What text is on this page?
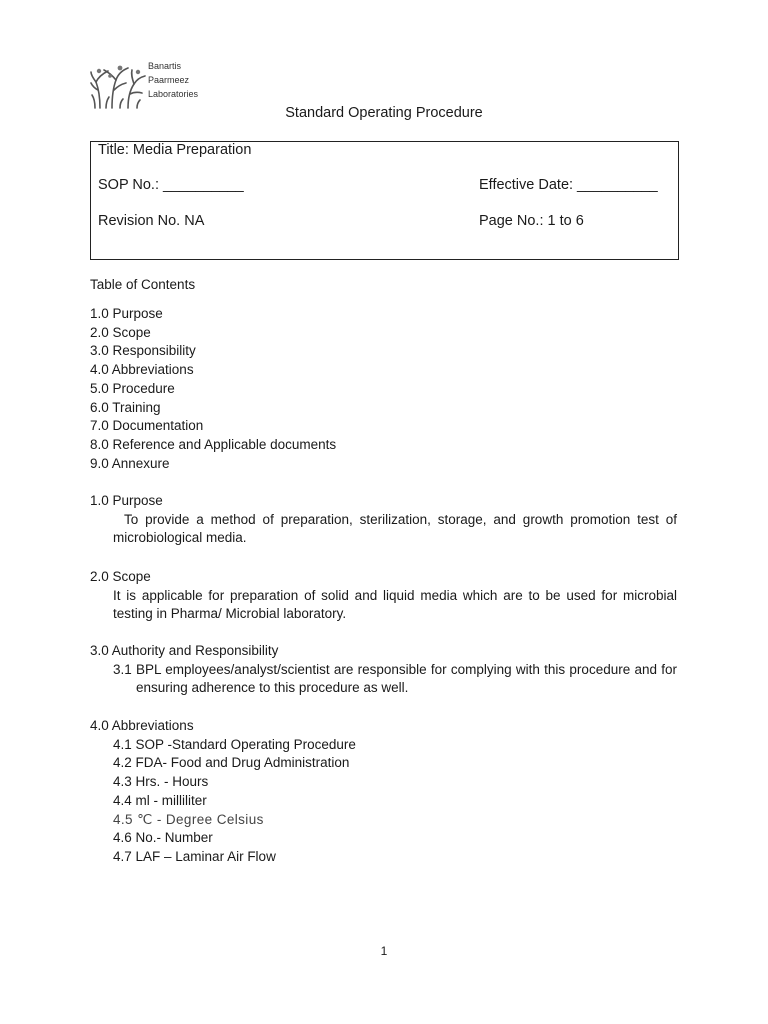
Banartis
Paarmeez
Laboratories
Standard Operating Procedure
Title: Media Preparation
SOP No.: __________	Effective Date: __________
Revision No. NA	Page No.: 1 to 6
Table of Contents
1.0 Purpose
2.0 Scope
3.0 Responsibility
4.0 Abbreviations
5.0 Procedure
6.0 Training
7.0 Documentation
8.0 Reference and Applicable documents
9.0 Annexure
1.0 Purpose
To provide a method of preparation, sterilization, storage, and growth promotion test of microbiological media.
2.0 Scope
It is applicable for preparation of solid and liquid media which are to be used for microbial testing in Pharma/ Microbial laboratory.
3.0 Authority and Responsibility
3.1 BPL employees/analyst/scientist are responsible for complying with this procedure and for ensuring adherence to this procedure as well.
4.0 Abbreviations
4.1 SOP -Standard Operating Procedure
4.2 FDA- Food and Drug Administration
4.3 Hrs. - Hours
4.4 ml - milliliter
4.5 ℃ - Degree Celsius
4.6 No.- Number
4.7 LAF – Laminar Air Flow
1
